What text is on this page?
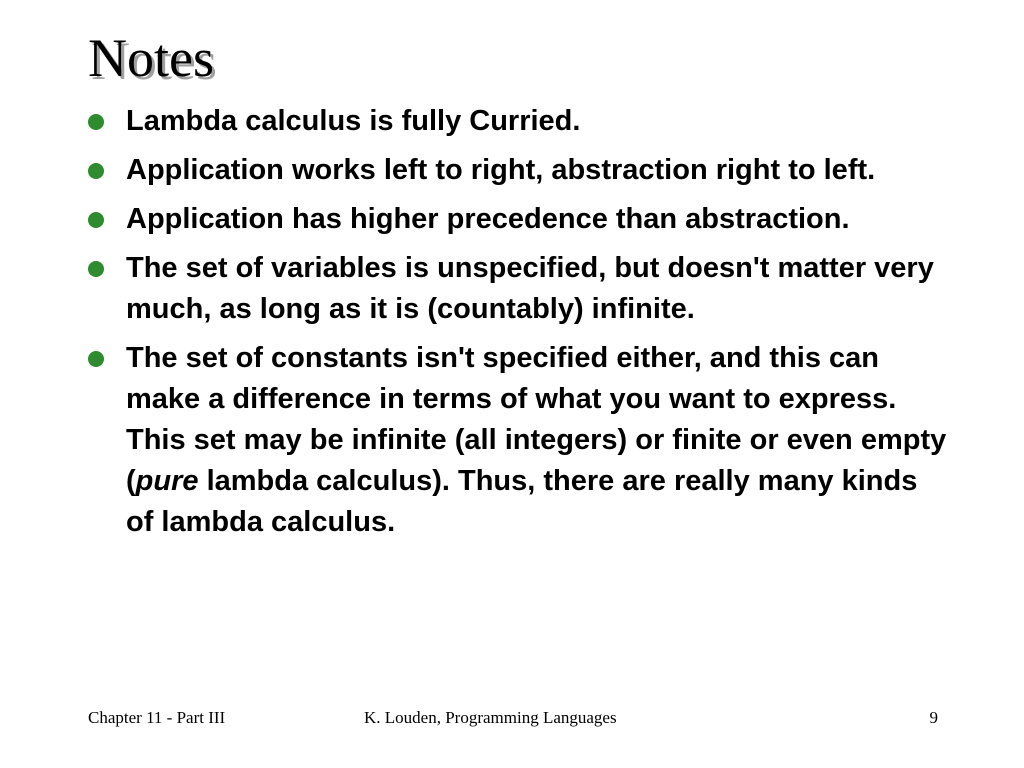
Notes
Lambda calculus is fully Curried.
Application works left to right, abstraction right to left.
Application has higher precedence than abstraction.
The set of variables is unspecified, but doesn't matter very much, as long as it is (countably) infinite.
The set of constants isn't specified either, and this can make a difference in terms of what you want to express. This set may be infinite (all integers) or finite or even empty (pure lambda calculus). Thus, there are really many kinds of lambda calculus.
Chapter 11 - Part III	K. Louden, Programming Languages	9
